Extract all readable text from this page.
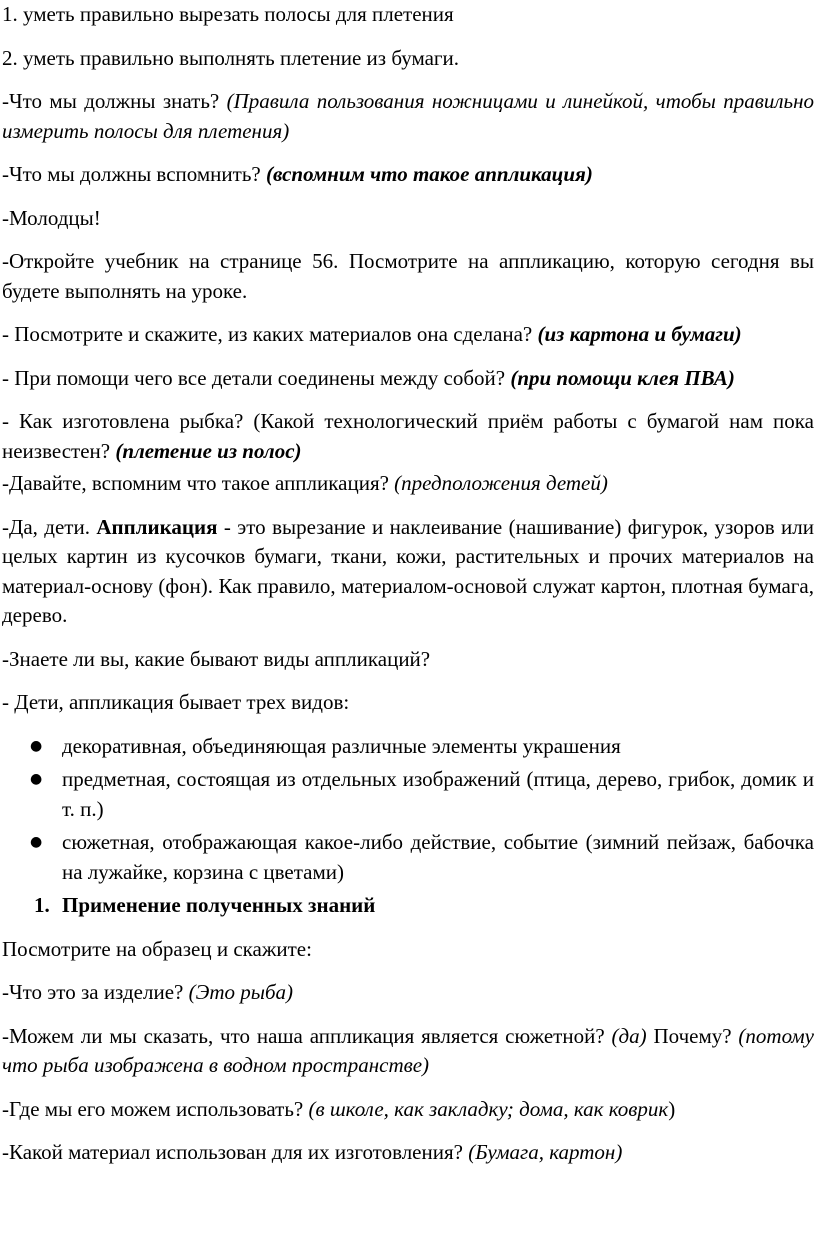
1. уметь правильно вырезать полосы для плетения

2. уметь правильно выполнять плетение из бумаги.

-Что мы должны знать? (Правила пользования ножницами и линейкой, чтобы правильно измерить полосы для плетения)

-Что мы должны вспомнить? (вспомним что такое аппликация)

-Молодцы!

-Откройте учебник на странице 56. Посмотрите на аппликацию, которую сегодня вы будете выполнять на уроке.

- Посмотрите и скажите, из каких материалов она сделана? (из картона и бумаги)

- При помощи чего все детали соединены между собой? (при помощи клея ПВА)

- Как изготовлена рыбка? (Какой технологический приём работы с бумагой нам пока неизвестен? (плетение из полос)

-Давайте, вспомним что такое аппликация? (предположения детей)

-Да, дети. Аппликация - это вырезание и наклеивание (нашивание) фигурок, узоров или целых картин из кусочков бумаги, ткани, кожи, растительных и прочих материалов на материал-основу (фон). Как правило, материалом-основой служат картон, плотная бумага, дерево.

-Знаете ли вы, какие бывают виды аппликаций?

- Дети, аппликация бывает трех видов:

● декоративная, объединяющая различные элементы украшения
● предметная, состоящая из отдельных изображений (птица, дерево, грибок, домик и т. п.)
● сюжетная, отображающая какое-либо действие, событие (зимний пейзаж, бабочка на лужайке, корзина с цветами)

1. Применение полученных знаний

Посмотрите на образец и скажите:

-Что это за изделие? (Это рыба)

-Можем ли мы сказать, что наша аппликация является сюжетной? (да) Почему? (потому что рыба изображена в водном пространстве)

-Где мы его можем использовать? (в школе, как закладку; дома, как коврик)

-Какой материал использован для их изготовления? (Бумага, картон)
